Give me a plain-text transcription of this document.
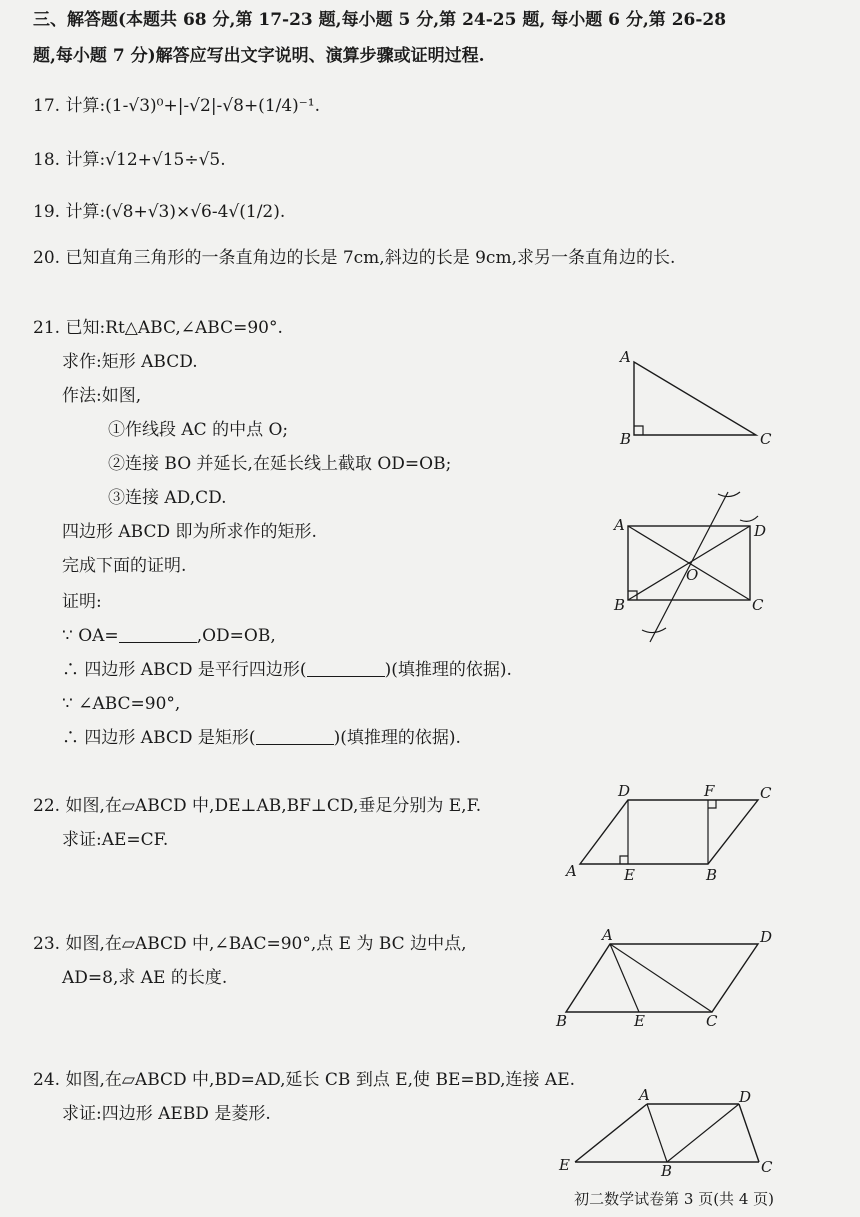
三、解答题(本题共 68 分,第 17-23 题,每小题 5 分,第 24-25 题, 每小题 6 分,第 26-28
题,每小题 7 分)解答应写出文字说明、演算步骤或证明过程.
17. 计算:(1-√3)⁰+|-√2|-√8+(1/4)⁻¹.
18. 计算:√12+√15÷√5.
19. 计算:(√8+√3)×√6-4√(1/2).
20. 已知直角三角形的一条直角边的长是 7cm,斜边的长是 9cm,求另一条直角边的长.
21. 已知:Rt△ABC,∠ABC=90°.
求作:矩形 ABCD.
作法:如图,
①作线段 AC 的中点 O;
②连接 BO 并延长,在延长线上截取 OD=OB;
③连接 AD,CD.
四边形 ABCD 即为所求作的矩形.
完成下面的证明.
证明:
∵ OA=	,OD=OB,
∴ 四边形 ABCD 是平行四边形(	)(填推理的依据).
∵ ∠ABC=90°,
∴ 四边形 ABCD 是矩形(	)(填推理的依据).
22. 如图,在▱ABCD 中,DE⊥AB,BF⊥CD,垂足分别为 E,F.
求证:AE=CF.
23. 如图,在▱ABCD 中,∠BAC=90°,点 E 为 BC 边中点,
AD=8,求 AE 的长度.
24. 如图,在▱ABCD 中,BD=AD,延长 CB 到点 E,使 BE=BD,连接 AE.
求证:四边形 AEBD 是菱形.
A
B	C
A	D
O
B	C
D	F	C
A	E	B
A	D
B	E	C
A	D
E	B	C
初二数学试卷第 3 页(共 4 页)
